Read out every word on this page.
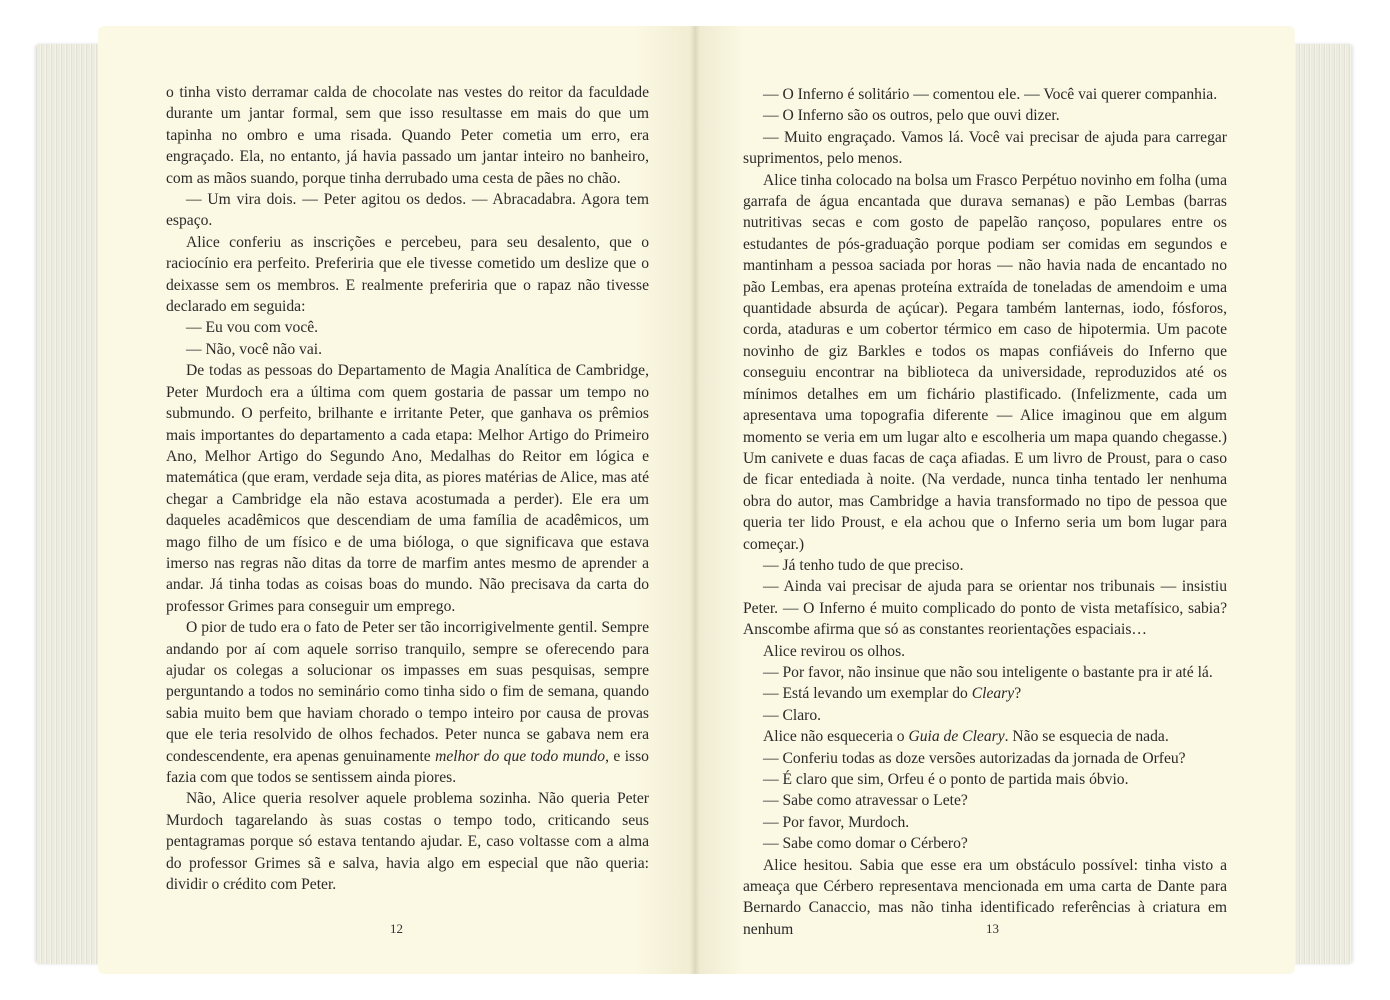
o tinha visto derramar calda de chocolate nas vestes do reitor da faculdade durante um jantar formal, sem que isso resultasse em mais do que um tapinha no ombro e uma risada. Quando Peter cometia um erro, era engraçado. Ela, no entanto, já havia passado um jantar inteiro no banheiro, com as mãos suando, porque tinha derrubado uma cesta de pães no chão.

— Um vira dois. — Peter agitou os dedos. — Abracadabra. Agora tem espaço.

Alice conferiu as inscrições e percebeu, para seu desalento, que o raciocínio era perfeito. Preferiria que ele tivesse cometido um deslize que o deixasse sem os membros. E realmente preferiria que o rapaz não tivesse declarado em seguida:

— Eu vou com você.

— Não, você não vai.

De todas as pessoas do Departamento de Magia Analítica de Cambridge, Peter Murdoch era a última com quem gostaria de passar um tempo no submundo. O perfeito, brilhante e irritante Peter, que ganhava os prêmios mais importantes do departamento a cada etapa: Melhor Artigo do Primeiro Ano, Melhor Artigo do Segundo Ano, Medalhas do Reitor em lógica e matemática (que eram, verdade seja dita, as piores matérias de Alice, mas até chegar a Cambridge ela não estava acostumada a perder). Ele era um daqueles acadêmicos que descendiam de uma família de acadêmicos, um mago filho de um físico e de uma bióloga, o que significava que estava imerso nas regras não ditas da torre de marfim antes mesmo de aprender a andar. Já tinha todas as coisas boas do mundo. Não precisava da carta do professor Grimes para conseguir um emprego.

O pior de tudo era o fato de Peter ser tão incorrigivelmente gentil. Sempre andando por aí com aquele sorriso tranquilo, sempre se oferecendo para ajudar os colegas a solucionar os impasses em suas pesquisas, sempre perguntando a todos no seminário como tinha sido o fim de semana, quando sabia muito bem que haviam chorado o tempo inteiro por causa de provas que ele teria resolvido de olhos fechados. Peter nunca se gabava nem era condescendente, era apenas genuinamente melhor do que todo mundo, e isso fazia com que todos se sentissem ainda piores.

Não, Alice queria resolver aquele problema sozinha. Não queria Peter Murdoch tagarelando às suas costas o tempo todo, criticando seus pentagramas porque só estava tentando ajudar. E, caso voltasse com a alma do professor Grimes sã e salva, havia algo em especial que não queria: dividir o crédito com Peter.

12

— O Inferno é solitário — comentou ele. — Você vai querer companhia.

— O Inferno são os outros, pelo que ouvi dizer.

— Muito engraçado. Vamos lá. Você vai precisar de ajuda para carregar suprimentos, pelo menos.

Alice tinha colocado na bolsa um Frasco Perpétuo novinho em folha (uma garrafa de água encantada que durava semanas) e pão Lembas (barras nutritivas secas e com gosto de papelão rançoso, populares entre os estudantes de pós-graduação porque podiam ser comidas em segundos e mantinham a pessoa saciada por horas — não havia nada de encantado no pão Lembas, era apenas proteína extraída de toneladas de amendoim e uma quantidade absurda de açúcar). Pegara também lanternas, iodo, fósforos, corda, ataduras e um cobertor térmico em caso de hipotermia. Um pacote novinho de giz Barkles e todos os mapas confiáveis do Inferno que conseguiu encontrar na biblioteca da universidade, reproduzidos até os mínimos detalhes em um fichário plastificado. (Infelizmente, cada um apresentava uma topografia diferente — Alice imaginou que em algum momento se veria em um lugar alto e escolheria um mapa quando chegasse.) Um canivete e duas facas de caça afiadas. E um livro de Proust, para o caso de ficar entediada à noite. (Na verdade, nunca tinha tentado ler nenhuma obra do autor, mas Cambridge a havia transformado no tipo de pessoa que queria ter lido Proust, e ela achou que o Inferno seria um bom lugar para começar.)

— Já tenho tudo de que preciso.

— Ainda vai precisar de ajuda para se orientar nos tribunais — insistiu Peter. — O Inferno é muito complicado do ponto de vista metafísico, sabia? Anscombe afirma que só as constantes reorientações espaciais…

Alice revirou os olhos.

— Por favor, não insinue que não sou inteligente o bastante pra ir até lá.

— Está levando um exemplar do Cleary?

— Claro.

Alice não esqueceria o Guia de Cleary. Não se esquecia de nada.

— Conferiu todas as doze versões autorizadas da jornada de Orfeu?

— É claro que sim, Orfeu é o ponto de partida mais óbvio.

— Sabe como atravessar o Lete?

— Por favor, Murdoch.

— Sabe como domar o Cérbero?

Alice hesitou. Sabia que esse era um obstáculo possível: tinha visto a ameaça que Cérbero representava mencionada em uma carta de Dante para Bernardo Canaccio, mas não tinha identificado referências à criatura em nenhum	13
